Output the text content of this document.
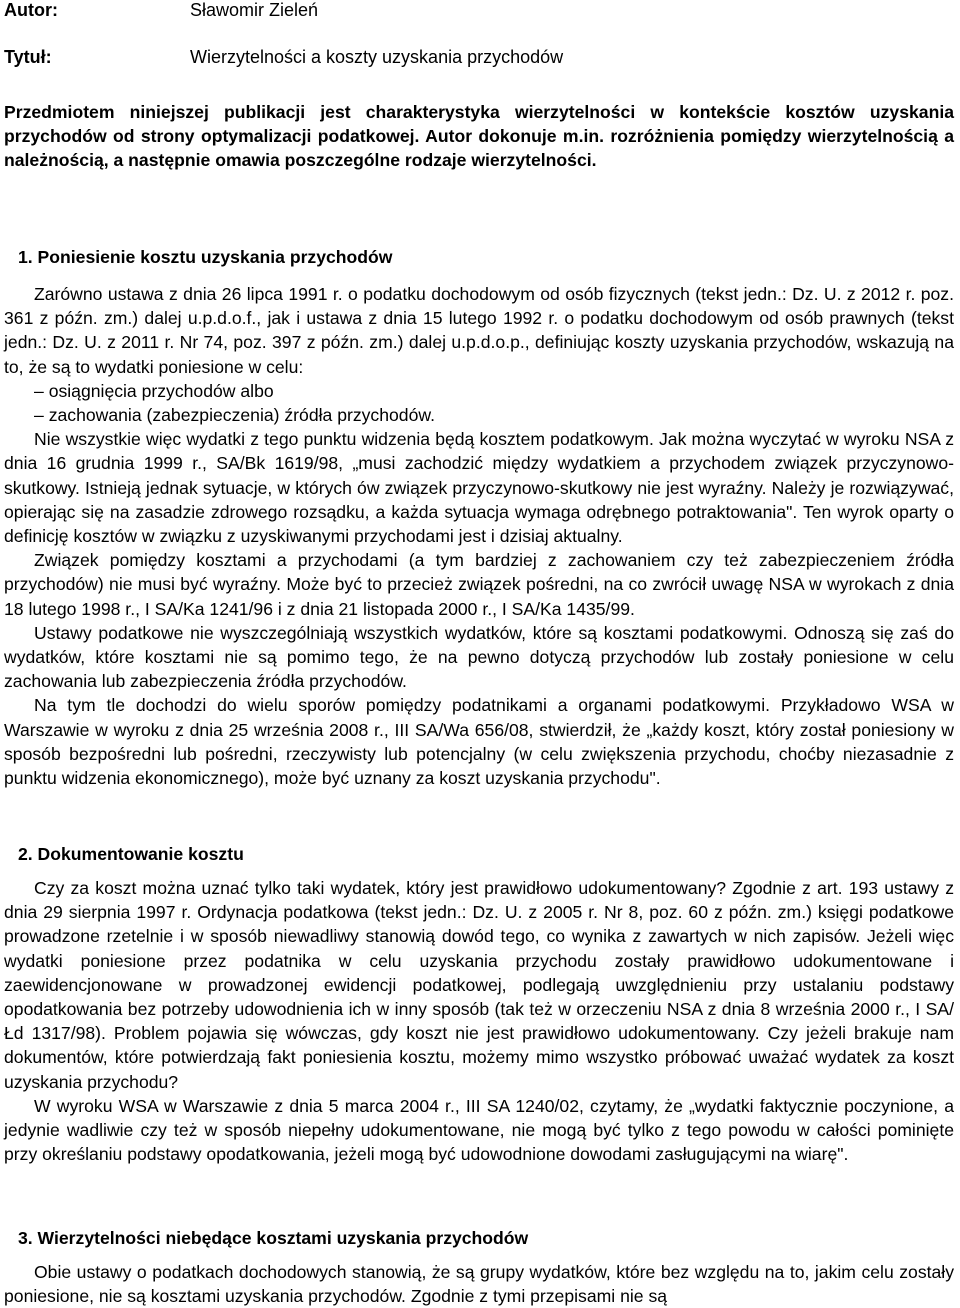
Autor:	Sławomir Zieleń
Tytuł:	Wierzytelności a koszty uzyskania przychodów
Przedmiotem niniejszej publikacji jest charakterystyka wierzytelności w kontekście kosztów uzyskania przychodów od strony optymalizacji podatkowej. Autor dokonuje m.in. rozróżnienia pomiędzy wierzytelnością a należnością, a następnie omawia poszczególne rodzaje wierzytelności.
1. Poniesienie kosztu uzyskania przychodów

Zarówno ustawa z dnia 26 lipca 1991 r. o podatku dochodowym od osób fizycznych (tekst jedn.: Dz. U. z 2012 r. poz. 361 z późn. zm.) dalej u.p.d.o.f., jak i ustawa z dnia 15 lutego 1992 r. o podatku dochodowym od osób prawnych (tekst jedn.: Dz. U. z 2011 r. Nr 74, poz. 397 z późn. zm.) dalej u.p.d.o.p., definiując koszty uzyskania przychodów, wskazują na to, że są to wydatki poniesione w celu:

– osiągnięcia przychodów albo

– zachowania (zabezpieczenia) źródła przychodów.

Nie wszystkie więc wydatki z tego punktu widzenia będą kosztem podatkowym. Jak można wyczytać w wyroku NSA z dnia 16 grudnia 1999 r., SA/Bk 1619/98, „musi zachodzić między wydatkiem a przychodem związek przyczynowo-skutkowy. Istnieją jednak sytuacje, w których ów związek przyczynowo-skutkowy nie jest wyraźny. Należy je rozwiązywać, opierając się na zasadzie zdrowego rozsądku, a każda sytuacja wymaga odrębnego potraktowania". Ten wyrok oparty o definicję kosztów w związku z uzyskiwanymi przychodami jest i dzisiaj aktualny.

Związek pomiędzy kosztami a przychodami (a tym bardziej z zachowaniem czy też zabezpieczeniem źródła przychodów) nie musi być wyraźny. Może być to przecież związek pośredni, na co zwrócił uwagę NSA w wyrokach z dnia 18 lutego 1998 r., I SA/Ka 1241/96 i z dnia 21 listopada 2000 r., I SA/Ka 1435/99.

Ustawy podatkowe nie wyszczególniają wszystkich wydatków, które są kosztami podatkowymi. Odnoszą się zaś do wydatków, które kosztami nie są pomimo tego, że na pewno dotyczą przychodów lub zostały poniesione w celu zachowania lub zabezpieczenia źródła przychodów.

Na tym tle dochodzi do wielu sporów pomiędzy podatnikami a organami podatkowymi. Przykładowo WSA w Warszawie w wyroku z dnia 25 września 2008 r., III SA/Wa 656/08, stwierdził, że „każdy koszt, który został poniesiony w sposób bezpośredni lub pośredni, rzeczywisty lub potencjalny (w celu zwiększenia przychodu, choćby niezasadnie z punktu widzenia ekonomicznego), może być uznany za koszt uzyskania przychodu".

2. Dokumentowanie kosztu

Czy za koszt można uznać tylko taki wydatek, który jest prawidłowo udokumentowany? Zgodnie z art. 193 ustawy z dnia 29 sierpnia 1997 r. Ordynacja podatkowa (tekst jedn.: Dz. U. z 2005 r. Nr 8, poz. 60 z późn. zm.) księgi podatkowe prowadzone rzetelnie i w sposób niewadliwy stanowią dowód tego, co wynika z zawartych w nich zapisów. Jeżeli więc wydatki poniesione przez podatnika w celu uzyskania przychodu zostały prawidłowo udokumentowane i zaewidencjonowane w prowadzonej ewidencji podatkowej, podlegają uwzględnieniu przy ustalaniu podstawy opodatkowania bez potrzeby udowodnienia ich w inny sposób (tak też w orzeczeniu NSA z dnia 8 września 2000 r., I SA/Łd 1317/98). Problem pojawia się wówczas, gdy koszt nie jest prawidłowo udokumentowany. Czy jeżeli brakuje nam dokumentów, które potwierdzają fakt poniesienia kosztu, możemy mimo wszystko próbować uważać wydatek za koszt uzyskania przychodu?

W wyroku WSA w Warszawie z dnia 5 marca 2004 r., III SA 1240/02, czytamy, że „wydatki faktycznie poczynione, a jedynie wadliwie czy też w sposób niepełny udokumentowane, nie mogą być tylko z tego powodu w całości pominięte przy określaniu podstawy opodatkowania, jeżeli mogą być udowodnione dowodami zasługującymi na wiarę".

3. Wierzytelności niebędące kosztami uzyskania przychodów

Obie ustawy o podatkach dochodowych stanowią, że są grupy wydatków, które bez względu na to, jakim celu zostały poniesione, nie są kosztami uzyskania przychodów. Zgodnie z tymi przepisami nie są
